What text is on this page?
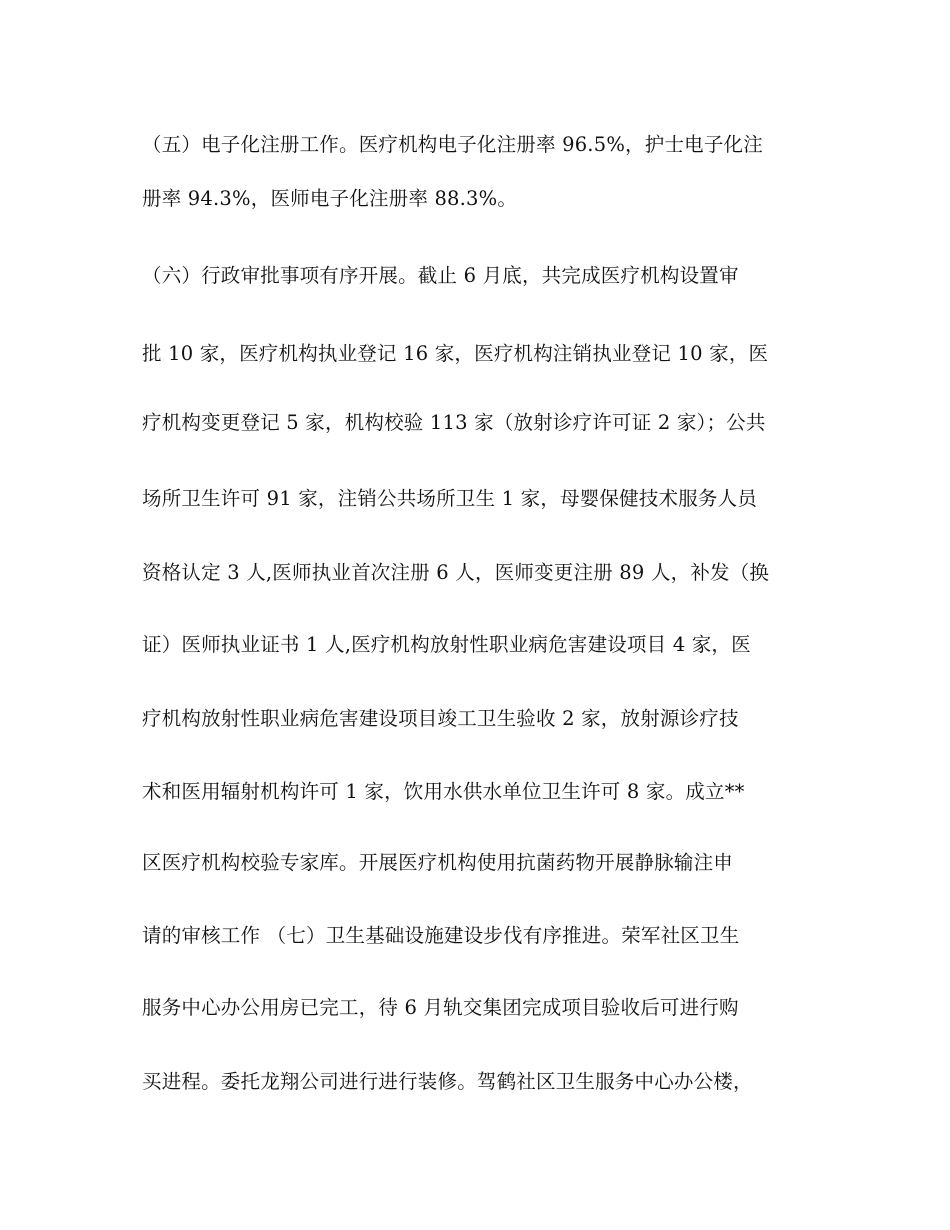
（五）电子化注册工作。医疗机构电子化注册率 96.5%，护士电子化注
册率 94.3%，医师电子化注册率 88.3%。
（六）行政审批事项有序开展。截止 6 月底，共完成医疗机构设置审
批 10 家，医疗机构执业登记 16 家，医疗机构注销执业登记 10 家，医
疗机构变更登记 5 家，机构校验 113 家（放射诊疗许可证 2 家）；公共
场所卫生许可 91 家，注销公共场所卫生 1 家，母婴保健技术服务人员
资格认定 3 人,医师执业首次注册 6 人，医师变更注册 89 人，补发（换
证）医师执业证书 1 人,医疗机构放射性职业病危害建设项目 4 家，医
疗机构放射性职业病危害建设项目竣工卫生验收 2 家，放射源诊疗技
术和医用辐射机构许可 1 家，饮用水供水单位卫生许可 8 家。成立**
区医疗机构校验专家库。开展医疗机构使用抗菌药物开展静脉输注申
请的审核工作 （七）卫生基础设施建设步伐有序推进。荣军社区卫生
服务中心办公用房已完工，待 6 月轨交集团完成项目验收后可进行购
买进程。委托龙翔公司进行进行装修。驾鹤社区卫生服务中心办公楼，
